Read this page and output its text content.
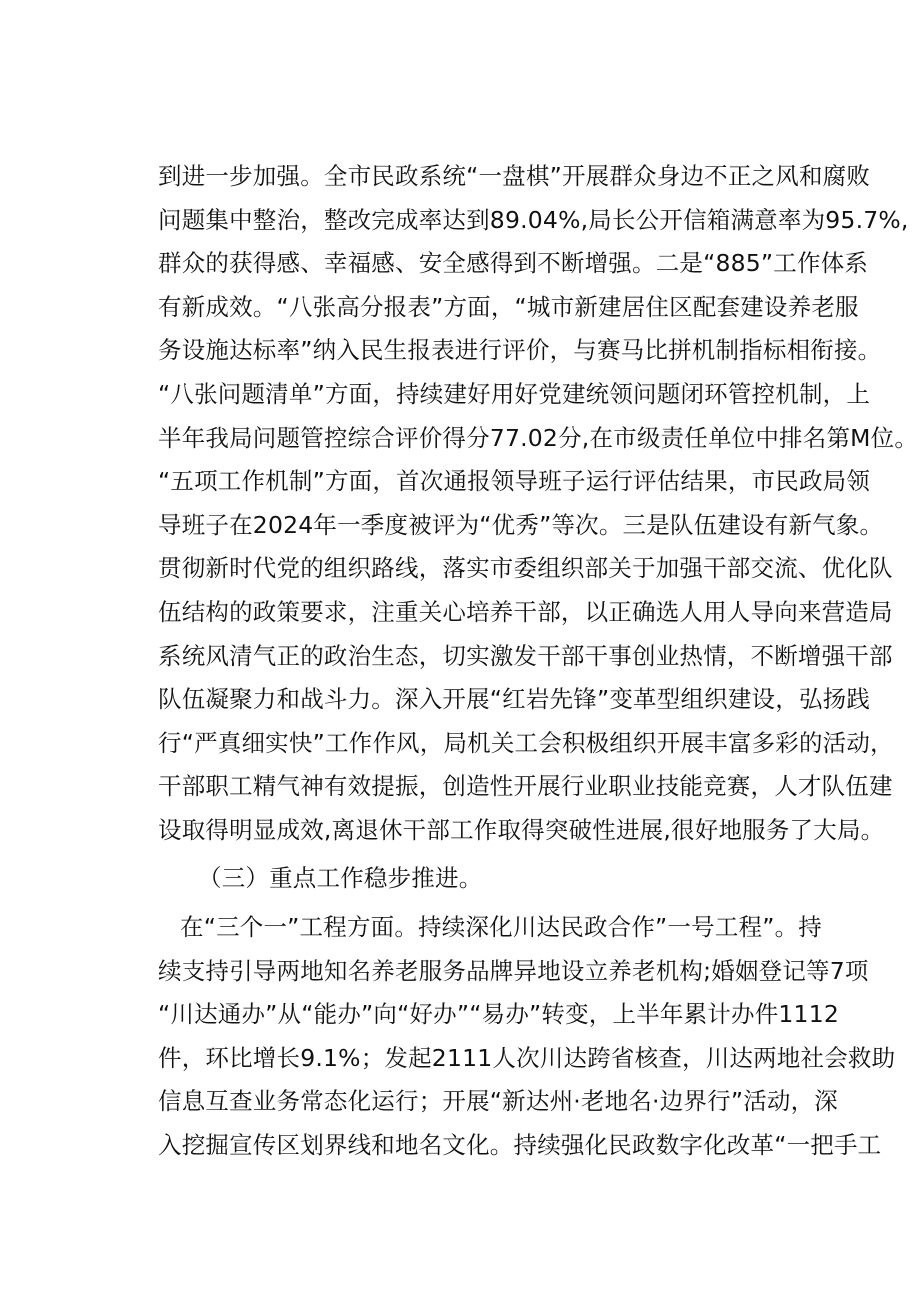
到进一步加强。全市民政系统“一盘棋”开展群众身边不正之风和腐败
问题集中整治，整改完成率达到89.04%,局长公开信箱满意率为95.7%,
群众的获得感、幸福感、安全感得到不断增强。二是“885”工作体系
有新成效。“八张高分报表”方面，“城市新建居住区配套建设养老服
务设施达标率”纳入民生报表进行评价，与赛马比拼机制指标相衔接。
“八张问题清单”方面，持续建好用好党建统领问题闭环管控机制，上
半年我局问题管控综合评价得分77.02分,在市级责任单位中排名第M位。
“五项工作机制”方面，首次通报领导班子运行评估结果，市民政局领
导班子在2024年一季度被评为“优秀”等次。三是队伍建设有新气象。
贯彻新时代党的组织路线，落实市委组织部关于加强干部交流、优化队
伍结构的政策要求，注重关心培养干部，以正确选人用人导向来营造局
系统风清气正的政治生态，切实激发干部干事创业热情，不断增强干部
队伍凝聚力和战斗力。深入开展“红岩先锋”变革型组织建设，弘扬践
行“严真细实快”工作作风，局机关工会积极组织开展丰富多彩的活动，
干部职工精气神有效提振，创造性开展行业职业技能竞赛，人才队伍建
设取得明显成效,离退休干部工作取得突破性进展,很好地服务了大局。
（三）重点工作稳步推进。
在“三个一”工程方面。持续深化川达民政合作”一号工程”。持
续支持引导两地知名养老服务品牌异地设立养老机构;婚姻登记等7项
“川达通办”从“能办”向“好办”“易办”转变，上半年累计办件1112
件，环比增长9.1%；发起2111人次川达跨省核查，川达两地社会救助
信息互查业务常态化运行；开展“新达州·老地名·边界行”活动，深
入挖掘宣传区划界线和地名文化。持续强化民政数字化改革“一把手工
